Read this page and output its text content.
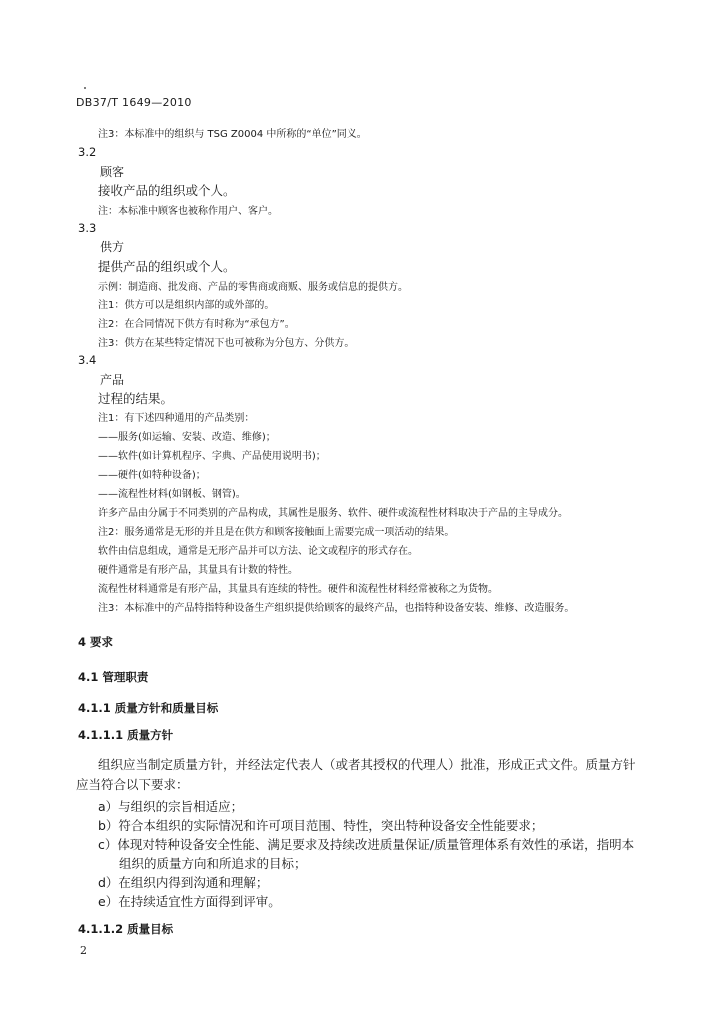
DB37/T 1649—2010
注3：本标准中的组织与 TSG Z0004 中所称的“单位”同义。
3.2
顾客
接收产品的组织或个人。
注：本标准中顾客也被称作用户、客户。
3.3
供方
提供产品的组织或个人。
示例：制造商、批发商、产品的零售商或商贩、服务或信息的提供方。
注1：供方可以是组织内部的或外部的。
注2：在合同情况下供方有时称为“承包方”。
注3：供方在某些特定情况下也可被称为分包方、分供方。
3.4
产品
过程的结果。
注1：有下述四种通用的产品类别：
——服务(如运输、安装、改造、维修)；
——软件(如计算机程序、字典、产品使用说明书)；
——硬件(如特种设备)；
——流程性材料(如钢板、钢管)。
许多产品由分属于不同类别的产品构成，其属性是服务、软件、硬件或流程性材料取决于产品的主导成分。
注2：服务通常是无形的并且是在供方和顾客接触面上需要完成一项活动的结果。
软件由信息组成，通常是无形产品并可以方法、论文或程序的形式存在。
硬件通常是有形产品，其量具有计数的特性。
流程性材料通常是有形产品，其量具有连续的特性。硬件和流程性材料经常被称之为货物。
注3：本标准中的产品特指特种设备生产组织提供给顾客的最终产品，也指特种设备安装、维修、改造服务。
4 要求
4.1 管理职责
4.1.1 质量方针和质量目标
4.1.1.1 质量方针
组织应当制定质量方针，并经法定代表人（或者其授权的代理人）批准，形成正式文件。质量方针
应当符合以下要求：
a）与组织的宗旨相适应；
b）符合本组织的实际情况和许可项目范围、特性，突出特种设备安全性能要求；
c）体现对特种设备安全性能、满足要求及持续改进质量保证/质量管理体系有效性的承诺，指明本
组织的质量方向和所追求的目标；
d）在组织内得到沟通和理解；
e）在持续适宜性方面得到评审。
4.1.1.2 质量目标
2
